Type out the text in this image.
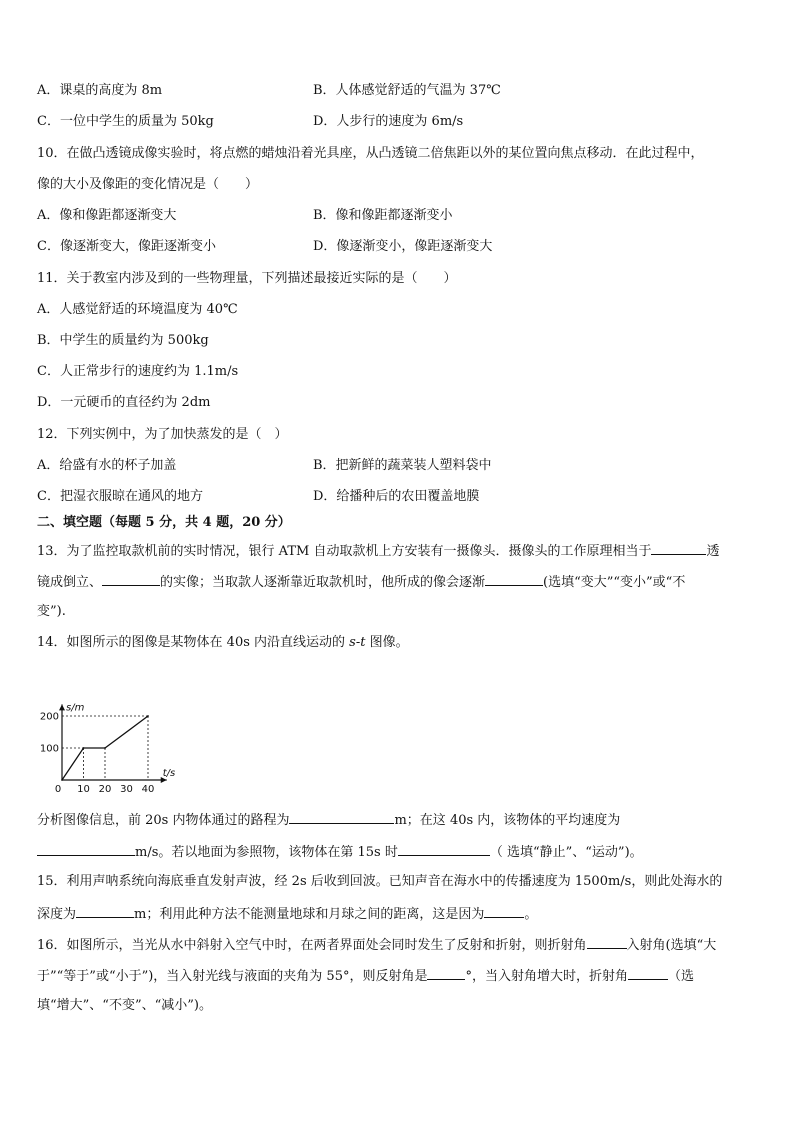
A．课桌的高度为 8m	B．人体感觉舒适的气温为 37℃
C．一位中学生的质量为 50kg	D．人步行的速度为 6m/s
10．在做凸透镜成像实验时，将点燃的蜡烛沿着光具座，从凸透镜二倍焦距以外的某位置向焦点移动．在此过程中，
像的大小及像距的变化情况是（　　）
A．像和像距都逐渐变大	B．像和像距都逐渐变小
C．像逐渐变大，像距逐渐变小	D．像逐渐变小，像距逐渐变大
11．关于教室内涉及到的一些物理量，下列描述最接近实际的是（　　）
A．人感觉舒适的环境温度为 40℃
B．中学生的质量约为 500kg
C．人正常步行的速度约为 1.1m/s
D．一元硬币的直径约为 2dm
12．下列实例中，为了加快蒸发的是（　）
A．给盛有水的杯子加盖	B．把新鲜的蔬菜装人塑料袋中
C．把湿衣服晾在通风的地方	D．给播种后的农田覆盖地膜
二、填空题（每题 5 分，共 4 题，20 分）
13．为了监控取款机前的实时情况，银行 ATM 自动取款机上方安装有一摄像头．摄像头的工作原理相当于	透
镜成倒立、	的实像；当取款人逐渐靠近取款机时，他所成的像会逐渐	(选填“变大”“变小”或“不
变”).
14．如图所示的图像是某物体在 40s 内沿直线运动的 s-t 图像。
0 10 20 30 40
100
200
t/s
s/m
分析图像信息，前 20s 内物体通过的路程为	m；在这 40s 内，该物体的平均速度为
m/s。若以地面为参照物，该物体在第 15s 时	（ 选填“静止”、“运动”)。
15．利用声呐系统向海底垂直发射声波，经 2s 后收到回波。已知声音在海水中的传播速度为 1500m/s，则此处海水的
深度为	m；利用此种方法不能测量地球和月球之间的距离，这是因为	。
16．如图所示，当光从水中斜射入空气中时，在两者界面处会同时发生了反射和折射，则折射角	入射角(选填“大
于”“等于”或“小于”)，当入射光线与液面的夹角为 55°，则反射角是	°，当入射角增大时，折射角	（选
填“增大”、“不变”、“减小”)。
